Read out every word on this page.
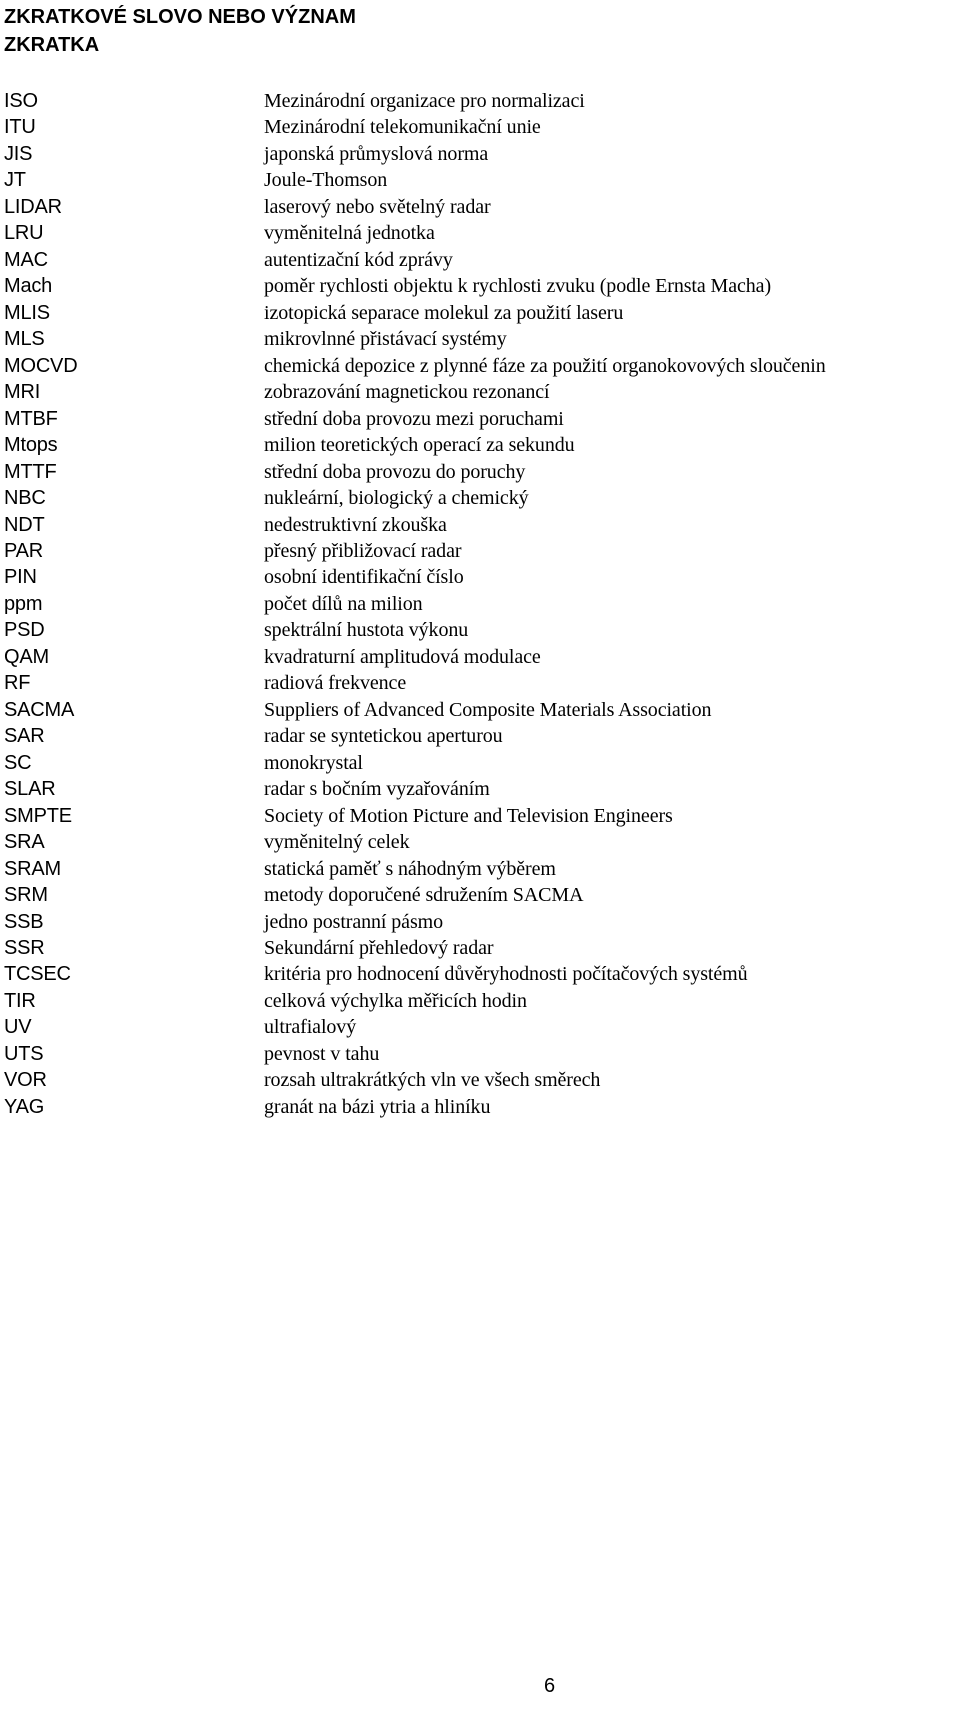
ZKRATKOVÉ SLOVO NEBO VÝZNAM
ZKRATKA
ISO	Mezinárodní organizace pro normalizaci
ITU	Mezinárodní telekomunikační unie
JIS	japonská průmyslová norma
JT	Joule-Thomson
LIDAR	laserový nebo světelný radar
LRU	vyměnitelná jednotka
MAC	autentizační kód zprávy
Mach	poměr rychlosti objektu k rychlosti zvuku (podle Ernsta Macha)
MLIS	izotopická separace molekul za použití laseru
MLS	mikrovlnné přistávací systémy
MOCVD	chemická depozice z plynné fáze za použití organokovových sloučenin
MRI	zobrazování magnetickou rezonancí
MTBF	střední doba provozu mezi poruchami
Mtops	milion teoretických operací za sekundu
MTTF	střední doba provozu do poruchy
NBC	nukleární, biologický a chemický
NDT	nedestruktivní zkouška
PAR	přesný přibližovací radar
PIN	osobní identifikační číslo
ppm	počet dílů na milion
PSD	spektrální hustota výkonu
QAM	kvadraturní amplitudová modulace
RF	radiová frekvence
SACMA	Suppliers of Advanced Composite Materials Association
SAR	radar se syntetickou aperturou
SC	monokrystal
SLAR	radar s bočním vyzařováním
SMPTE	Society of Motion Picture and Television Engineers
SRA	vyměnitelný celek
SRAM	statická paměť s náhodným výběrem
SRM	metody doporučené sdružením SACMA
SSB	jedno postranní pásmo
SSR	Sekundární přehledový radar
TCSEC	kritéria pro hodnocení důvěryhodnosti počítačových systémů
TIR	celková výchylka měřicích hodin
UV	ultrafialový
UTS	pevnost v tahu
VOR	rozsah ultrakrátkých vln ve všech směrech
YAG	granát na bázi ytria a hliníku
6
